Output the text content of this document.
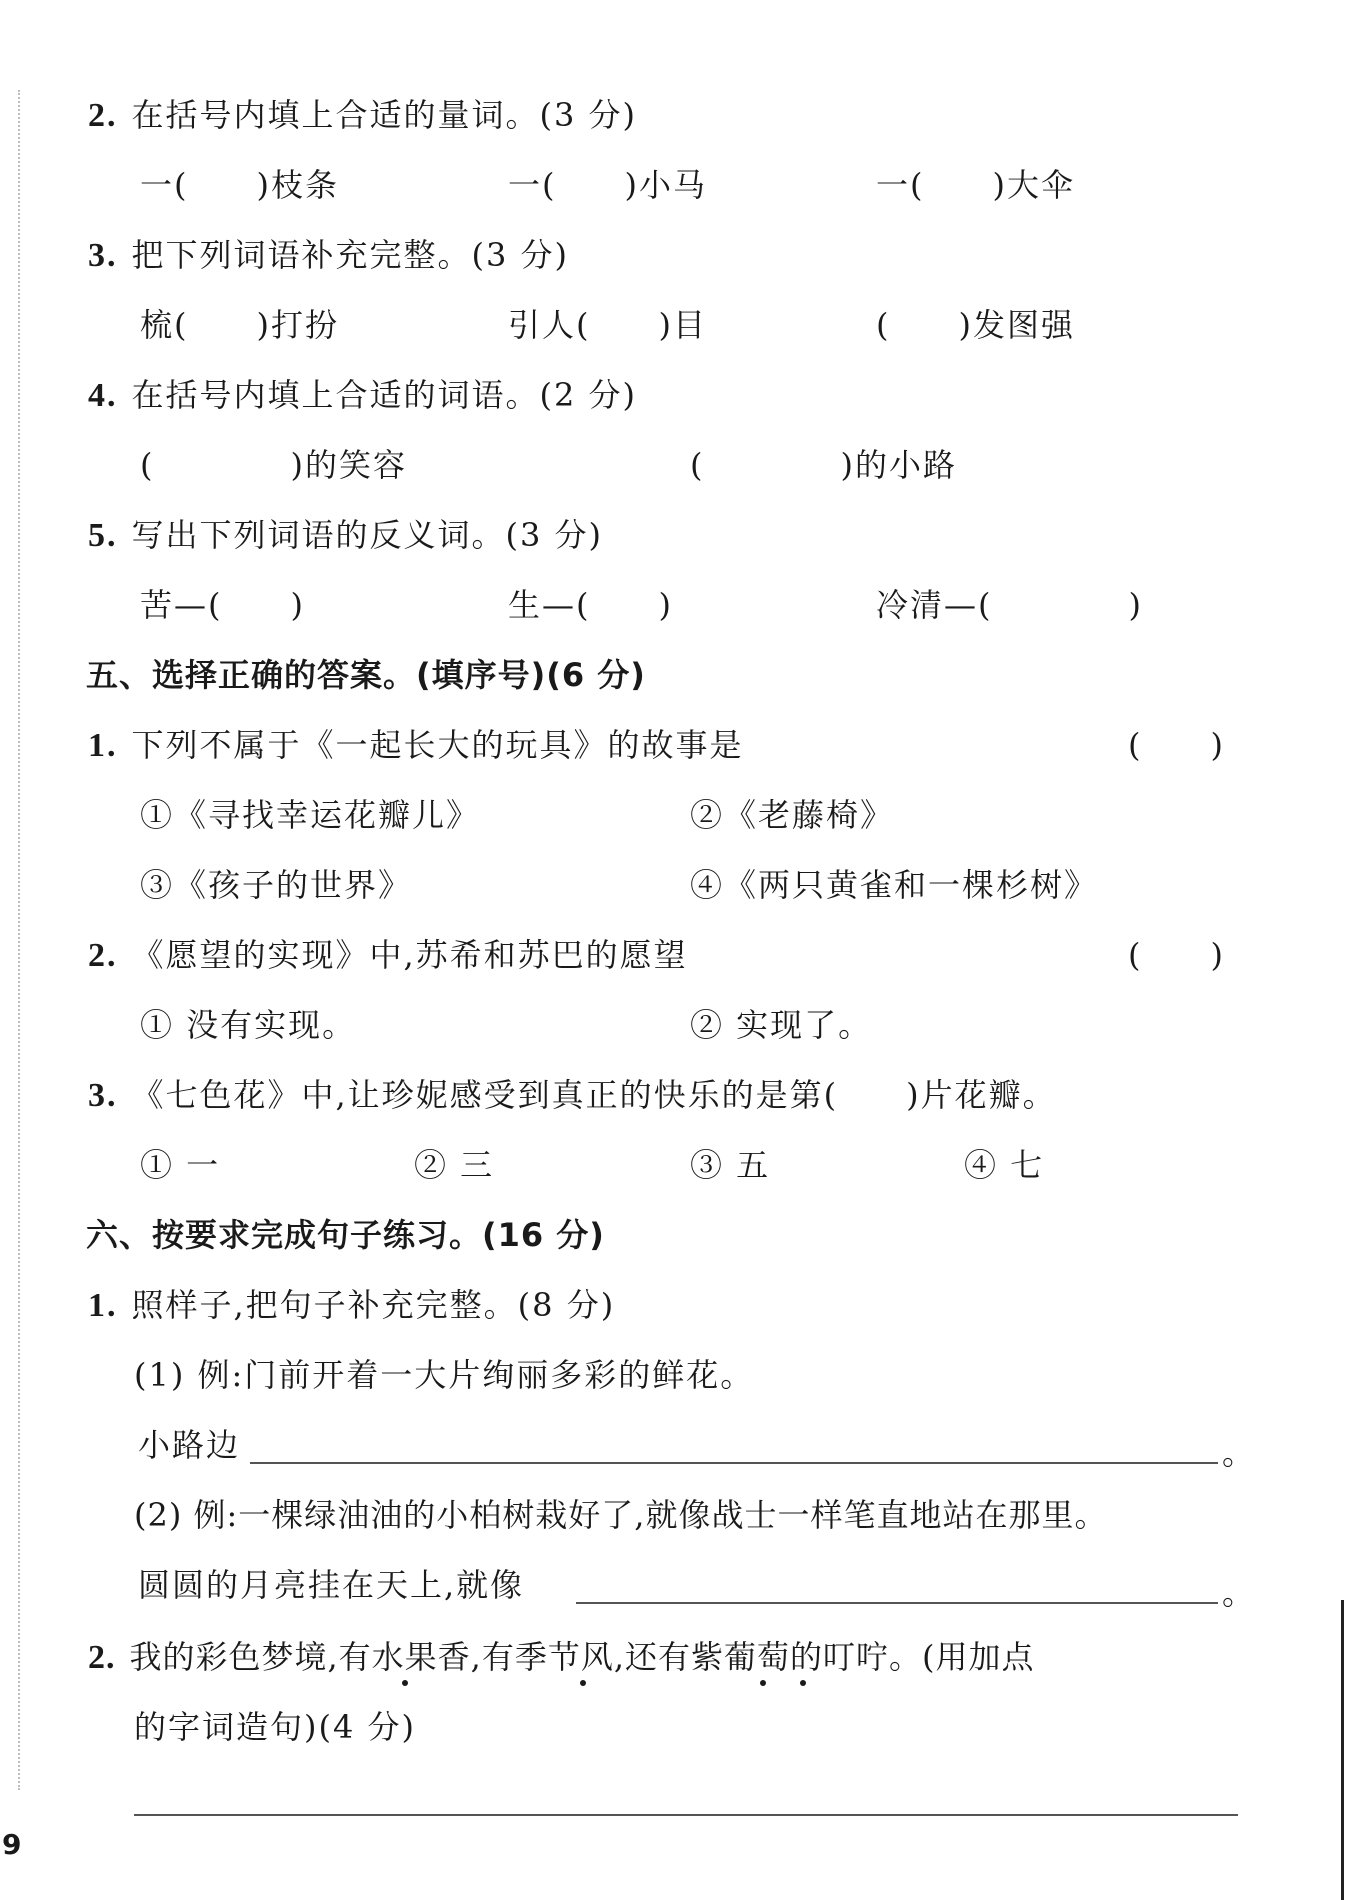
2. 在括号内填上合适的量词。(3 分)
一(　　)枝条	一(　　)小马	一(　　)大伞
3. 把下列词语补充完整。(3 分)
梳(　　)打扮	引人(　　)目	(　　)发图强
4. 在括号内填上合适的词语。(2 分)
(　　　　)的笑容	(　　　　)的小路
5. 写出下列词语的反义词。(3 分)
苦—(　　)	生—(　　)	冷清—(　　　　)
五、选择正确的答案。(填序号)(6 分)
1. 下列不属于《一起长大的玩具》的故事是	(　　)
①《寻找幸运花瓣儿》	②《老藤椅》
③《孩子的世界》	④《两只黄雀和一棵杉树》
2. 《愿望的实现》中,苏希和苏巴的愿望	(　　)
① 没有实现。	② 实现了。
3. 《七色花》中,让珍妮感受到真正的快乐的是第(　　)片花瓣。
① 一	② 三	③ 五	④ 七
六、按要求完成句子练习。(16 分)
1. 照样子,把句子补充完整。(8 分)
(1) 例:门前开着一大片绚丽多彩的鲜花。
小路边	。
(2) 例:一棵绿油油的小柏树栽好了,就像战士一样笔直地站在那里。
圆圆的月亮挂在天上,就像	。
2. 我的彩色梦境,有水果香,有季节风,还有紫葡萄的叮咛。(用加点
的字词造句)(4 分)
9
